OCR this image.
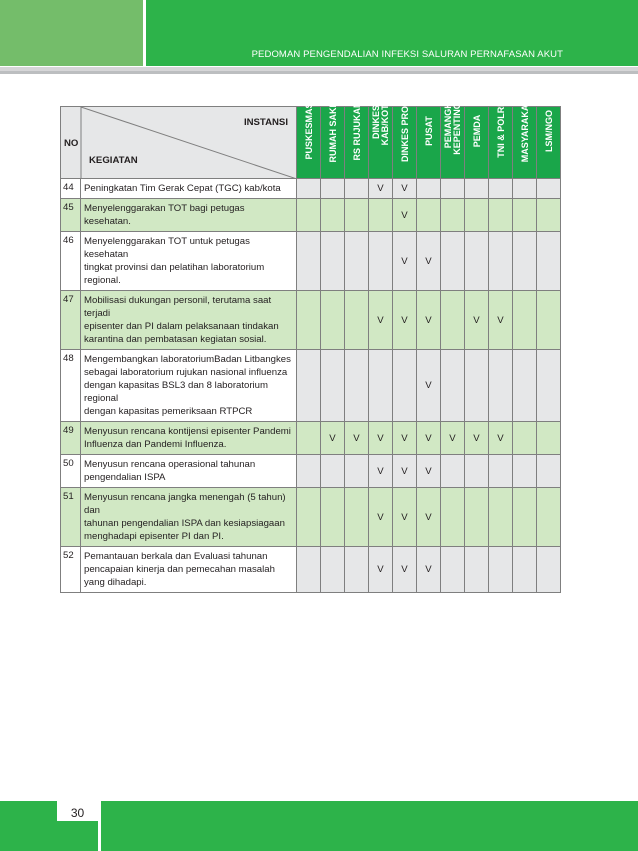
PEDOMAN PENGENDALIAN INFEKSI SALURAN PERNAFASAN AKUT
NO
INSTANSI
KEGIATAN		PUSKESMAS	RUMAH SAKIT	RS RUJUKAN	DINKES
KAB/KOTA	DINKES PROV	PUSAT	PEMANGKU
KEPENTINGAN	PEMDA	TNI & POLRI	MASYARAKAT	LSM/NGO

44	Peningkatan Tim Gerak Cepat (TGC) kab/kota				V	V						
45	Menyelenggarakan TOT bagi petugas kesehatan.					V						
46	Menyelenggarakan TOT untuk petugas kesehatan
tingkat provinsi dan pelatihan laboratorium regional.					V	V					
47	Mobilisasi dukungan personil, terutama saat terjadi
episenter dan PI dalam pelaksanaan tindakan
karantina dan pembatasan kegiatan sosial.				V	V	V		V	V		
48	Mengembangkan laboratoriumBadan Litbangkes
sebagai laboratorium rujukan nasional influenza
dengan kapasitas BSL3 dan 8 laboratorium regional
dengan kapasitas pemeriksaan RTPCR						V					
49	Menyusun rencana kontijensi episenter Pandemi
Influenza dan Pandemi Influenza.		V	V	V	V	V	V	V	V		
50	Menyusun rencana operasional tahunan
pengendalian ISPA				V	V	V					
51	Menyusun rencana jangka menengah (5 tahun) dan
tahunan pengendalian ISPA dan kesiapsiagaan
menghadapi episenter PI dan PI.				V	V	V					
52	Pemantauan berkala dan Evaluasi tahunan
pencapaian kinerja dan pemecahan masalah
yang dihadapi.				V	V	V					
30
